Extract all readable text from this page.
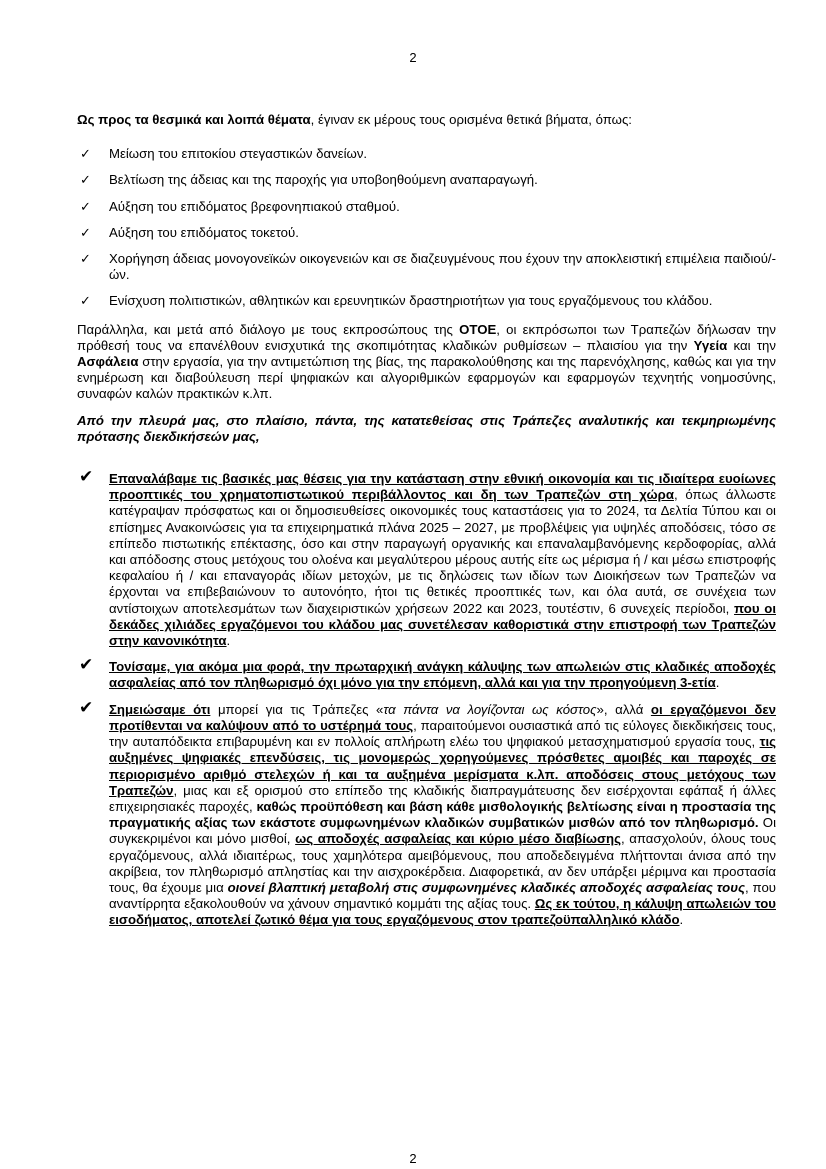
2

Ως προς τα θεσμικά και λοιπά θέματα, έγιναν εκ μέρους τους ορισμένα θετικά βήματα, όπως:

✓ Μείωση του επιτοκίου στεγαστικών δανείων.
✓ Βελτίωση της άδειας και της παροχής για υποβοηθούμενη αναπαραγωγή.
✓ Αύξηση του επιδόματος βρεφονηπιακού σταθμού.
✓ Αύξηση του επιδόματος τοκετού.
✓ Χορήγηση άδειας μονογονεϊκών οικογενειών και σε διαζευγμένους που έχουν την αποκλειστική επιμέλεια παιδιού/-ών.
✓ Ενίσχυση πολιτιστικών, αθλητικών και ερευνητικών δραστηριοτήτων για τους εργαζόμενους του κλάδου.

Παράλληλα, και μετά από διάλογο με τους εκπροσώπους της ΟΤΟΕ, οι εκπρόσωποι των Τραπεζών δήλωσαν την πρόθεσή τους να επανέλθουν ενισχυτικά της σκοπιμότητας κλαδικών ρυθμίσεων – πλαισίου για την Υγεία και την Ασφάλεια στην εργασία, για την αντιμετώπιση της βίας, της παρακολούθησης και της παρενόχλησης, καθώς και για την ενημέρωση και διαβούλευση περί ψηφιακών και αλγοριθμικών εφαρμογών και εφαρμογών τεχνητής νοημοσύνης, συναφών καλών πρακτικών κ.λπ.

Από την πλευρά μας, στο πλαίσιο, πάντα, της κατατεθείσας στις Τράπεζες αναλυτικής και τεκμηριωμένης πρότασης διεκδικήσεών μας,

✔ Επαναλάβαμε τις βασικές μας θέσεις για την κατάσταση στην εθνική οικονομία και τις ιδιαίτερα ευοίωνες προοπτικές του χρηματοπιστωτικού περιβάλλοντος και δη των Τραπεζών στη χώρα, όπως άλλωστε κατέγραψαν πρόσφατως και οι δημοσιευθείσες οικονομικές τους καταστάσεις για το 2024, τα Δελτία Τύπου και οι επίσημες Ανακοινώσεις για τα επιχειρηματικά πλάνα 2025 – 2027, με προβλέψεις για υψηλές αποδόσεις, τόσο σε επίπεδο πιστωτικής επέκτασης, όσο και στην παραγωγή οργανικής και επαναλαμβανόμενης κερδοφορίας, αλλά και απόδοσης στους μετόχους του ολοένα και μεγαλύτερου μέρους αυτής είτε ως μέρισμα ή / και μέσω επιστροφής κεφαλαίου ή / και επαναγοράς ιδίων μετοχών, με τις δηλώσεις των ιδίων των Διοικήσεων των Τραπεζών να έρχονται να επιβεβαιώνουν το αυτονόητο, ήτοι τις θετικές προοπτικές των, και όλα αυτά, σε συνέχεια των αντίστοιχων αποτελεσμάτων των διαχειριστικών χρήσεων 2022 και 2023, τουτέστιν, 6 συνεχείς περίοδοι, που οι δεκάδες χιλιάδες εργαζόμενοι του κλάδου μας συνετέλεσαν καθοριστικά στην επιστροφή των Τραπεζών στην κανονικότητα.
✔ Τονίσαμε, για ακόμα μια φορά, την πρωταρχική ανάγκη κάλυψης των απωλειών στις κλαδικές αποδοχές ασφαλείας από τον πληθωρισμό όχι μόνο για την επόμενη, αλλά και για την προηγούμενη 3-ετία.
✔ Σημειώσαμε ότι μπορεί για τις Τράπεζες «τα πάντα να λογίζονται ως κόστος», αλλά οι εργαζόμενοι δεν προτίθενται να καλύψουν από το υστέρημά τους, παραιτούμενοι ουσιαστικά από τις εύλογες διεκδικήσεις τους, την αυταπόδεικτα επιβαρυμένη και εν πολλοίς απλήρωτη ελέω του ψηφιακού μετασχηματισμού εργασία τους, τις αυξημένες ψηφιακές επενδύσεις, τις μονομερώς χορηγούμενες πρόσθετες αμοιβές και παροχές σε περιορισμένο αριθμό στελεχών ή και τα αυξημένα μερίσματα κ.λπ. αποδόσεις στους μετόχους των Τραπεζών, μιας και εξ ορισμού στο επίπεδο της κλαδικής διαπραγμάτευσης δεν εισέρχονται εφάπαξ ή άλλες επιχειρησιακές παροχές, καθώς προϋπόθεση και βάση κάθε μισθολογικής βελτίωσης είναι η προστασία της πραγματικής αξίας των εκάστοτε συμφωνημένων κλαδικών συμβατικών μισθών από τον πληθωρισμό. Οι συγκεκριμένοι και μόνο μισθοί, ως αποδοχές ασφαλείας και κύριο μέσο διαβίωσης, απασχολούν, όλους τους εργαζόμενους, αλλά ιδιαιτέρως, τους χαμηλότερα αμειβόμενους, που αποδεδειγμένα πλήττονται άνισα από την ακρίβεια, τον πληθωρισμό απληστίας και την αισχροκέρδεια. Διαφορετικά, αν δεν υπάρξει μέριμνα και προστασία τους, θα έχουμε μια οιονεί βλαπτική μεταβολή στις συμφωνημένες κλαδικές αποδοχές ασφαλείας τους, που αναντίρρητα εξακολουθούν να χάνουν σημαντικό κομμάτι της αξίας τους. Ως εκ τούτου, η κάλυψη απωλειών του εισοδήματος, αποτελεί ζωτικό θέμα για τους εργαζόμενους στον τραπεζοϋπαλληλικό κλάδο.
2
